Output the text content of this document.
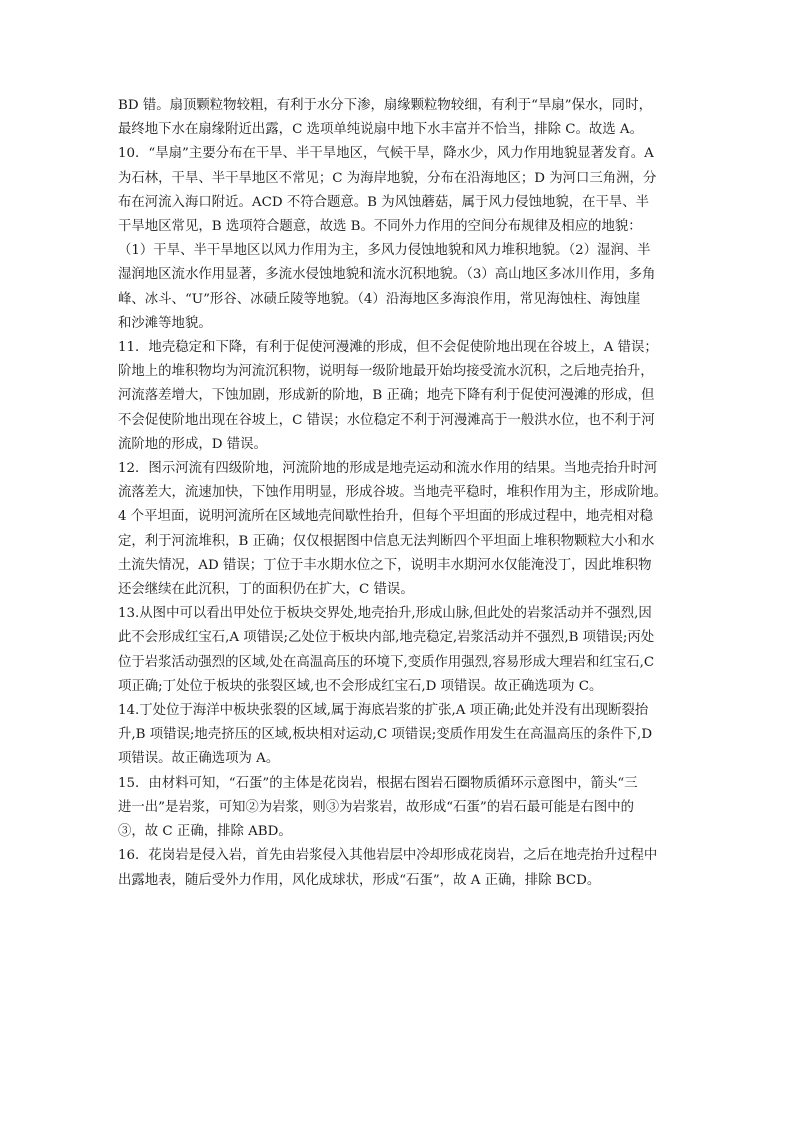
BD 错。扇顶颗粒物较粗，有利于水分下渗，扇缘颗粒物较细，有利于“旱扇”保水，同时，
最终地下水在扇缘附近出露，C 选项单纯说扇中地下水丰富并不恰当，排除 C。故选 A。
10．“旱扇”主要分布在干旱、半干旱地区，气候干旱，降水少，风力作用地貌显著发育。A
为石林，干旱、半干旱地区不常见；C 为海岸地貌，分布在沿海地区；D 为河口三角洲，分
布在河流入海口附近。ACD 不符合题意。B 为风蚀蘑菇，属于风力侵蚀地貌，在干旱、半
干旱地区常见，B 选项符合题意，故选 B。不同外力作用的空间分布规律及相应的地貌：
（1）干旱、半干旱地区以风力作用为主，多风力侵蚀地貌和风力堆积地貌。（2）湿润、半
湿润地区流水作用显著，多流水侵蚀地貌和流水沉积地貌。（3）高山地区多冰川作用，多角
峰、冰斗、“U”形谷、冰碛丘陵等地貌。（4）沿海地区多海浪作用，常见海蚀柱、海蚀崖
和沙滩等地貌。
11．地壳稳定和下降，有利于促使河漫滩的形成，但不会促使阶地出现在谷坡上，A 错误；
阶地上的堆积物均为河流沉积物，说明每一级阶地最开始均接受流水沉积，之后地壳抬升，
河流落差增大，下蚀加剧，形成新的阶地，B 正确；地壳下降有利于促使河漫滩的形成，但
不会促使阶地出现在谷坡上，C 错误；水位稳定不利于河漫滩高于一般洪水位，也不利于河
流阶地的形成，D 错误。
12．图示河流有四级阶地，河流阶地的形成是地壳运动和流水作用的结果。当地壳抬升时河
流落差大，流速加快，下蚀作用明显，形成谷坡。当地壳平稳时，堆积作用为主，形成阶地。
4 个平坦面，说明河流所在区域地壳间歇性抬升，但每个平坦面的形成过程中，地壳相对稳
定，利于河流堆积，B 正确；仅仅根据图中信息无法判断四个平坦面上堆积物颗粒大小和水
土流失情况，AD 错误；丁位于丰水期水位之下，说明丰水期河水仅能淹没丁，因此堆积物
还会继续在此沉积，丁的面积仍在扩大，C 错误。
13.从图中可以看出甲处位于板块交界处,地壳抬升,形成山脉,但此处的岩浆活动并不强烈,因
此不会形成红宝石,A 项错误;乙处位于板块内部,地壳稳定,岩浆活动并不强烈,B 项错误;丙处
位于岩浆活动强烈的区域,处在高温高压的环境下,变质作用强烈,容易形成大理岩和红宝石,C
项正确;丁处位于板块的张裂区域,也不会形成红宝石,D 项错误。故正确选项为 C。
14.丁处位于海洋中板块张裂的区域,属于海底岩浆的扩张,A 项正确;此处并没有出现断裂抬
升,B 项错误;地壳挤压的区域,板块相对运动,C 项错误;变质作用发生在高温高压的条件下,D
项错误。故正确选项为 A。
15．由材料可知，“石蛋”的主体是花岗岩，根据右图岩石圈物质循环示意图中，箭头“三
进一出”是岩浆，可知②为岩浆，则③为岩浆岩，故形成“石蛋”的岩石最可能是右图中的
③，故 C 正确，排除 ABD。
16．花岗岩是侵入岩，首先由岩浆侵入其他岩层中冷却形成花岗岩，之后在地壳抬升过程中
出露地表，随后受外力作用，风化成球状，形成“石蛋”，故 A 正确，排除 BCD。
